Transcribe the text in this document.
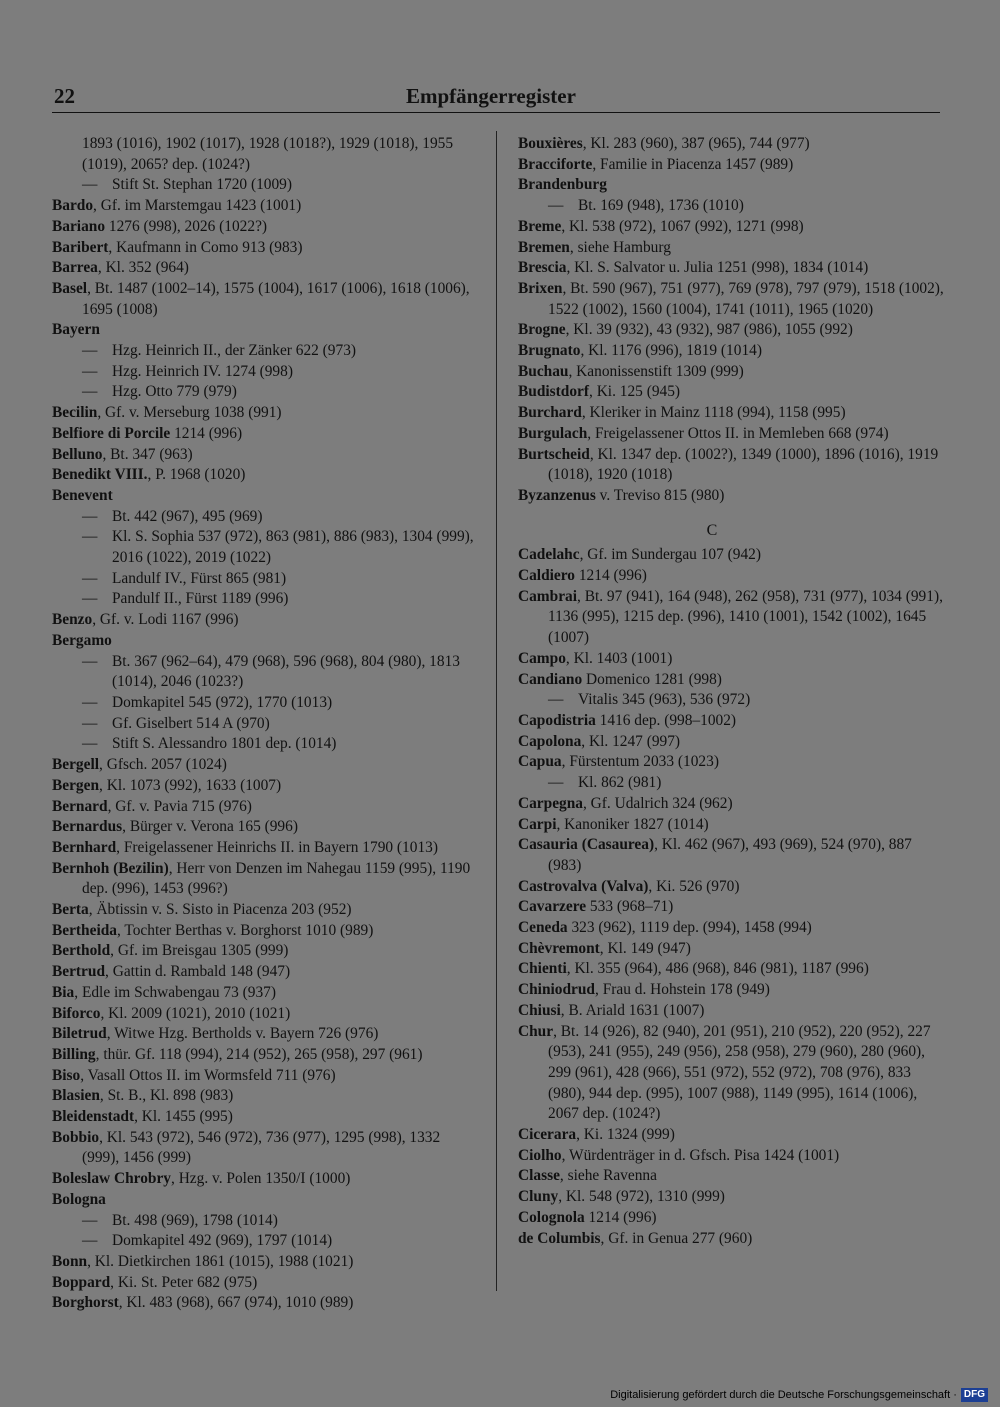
22	Empfängerregister
1893 (1016), 1902 (1017), 1928 (1018?), 1929 (1018), 1955 (1019), 2065? dep. (1024?)
— Stift St. Stephan 1720 (1009)
Bardo, Gf. im Marstemgau 1423 (1001)
Bariano 1276 (998), 2026 (1022?)
Baribert, Kaufmann in Como 913 (983)
Barrea, Kl. 352 (964)
Basel, Bt. 1487 (1002–14), 1575 (1004), 1617 (1006), 1618 (1006), 1695 (1008)
Bayern
— Hzg. Heinrich II., der Zänker 622 (973)
— Hzg. Heinrich IV. 1274 (998)
— Hzg. Otto 779 (979)
Becilin, Gf. v. Merseburg 1038 (991)
Belfiore di Porcile 1214 (996)
Belluno, Bt. 347 (963)
Benedikt VIII., P. 1968 (1020)
Benevent
— Bt. 442 (967), 495 (969)
— Kl. S. Sophia 537 (972), 863 (981), 886 (983), 1304 (999), 2016 (1022), 2019 (1022)
— Landulf IV., Fürst 865 (981)
— Pandulf II., Fürst 1189 (996)
Benzo, Gf. v. Lodi 1167 (996)
Bergamo
— Bt. 367 (962–64), 479 (968), 596 (968), 804 (980), 1813 (1014), 2046 (1023?)
— Domkapitel 545 (972), 1770 (1013)
— Gf. Giselbert 514 A (970)
— Stift S. Alessandro 1801 dep. (1014)
Bergell, Gfsch. 2057 (1024)
Bergen, Kl. 1073 (992), 1633 (1007)
Bernard, Gf. v. Pavia 715 (976)
Bernardus, Bürger v. Verona 165 (996)
Bernhard, Freigelassener Heinrichs II. in Bayern 1790 (1013)
Bernhoh (Bezilin), Herr von Denzen im Nahegau 1159 (995), 1190 dep. (996), 1453 (996?)
Berta, Äbtissin v. S. Sisto in Piacenza 203 (952)
Bertheida, Tochter Berthas v. Borghorst 1010 (989)
Berthold, Gf. im Breisgau 1305 (999)
Bertrud, Gattin d. Rambald 148 (947)
Bia, Edle im Schwabengau 73 (937)
Biforco, Kl. 2009 (1021), 2010 (1021)
Biletrud, Witwe Hzg. Bertholds v. Bayern 726 (976)
Billing, thür. Gf. 118 (994), 214 (952), 265 (958), 297 (961)
Biso, Vasall Ottos II. im Wormsfeld 711 (976)
Blasien, St. B., Kl. 898 (983)
Bleidenstadt, Kl. 1455 (995)
Bobbio, Kl. 543 (972), 546 (972), 736 (977), 1295 (998), 1332 (999), 1456 (999)
Boleslaw Chrobry, Hzg. v. Polen 1350/I (1000)
Bologna
— Bt. 498 (969), 1798 (1014)
— Domkapitel 492 (969), 1797 (1014)
Bonn, Kl. Dietkirchen 1861 (1015), 1988 (1021)
Boppard, Ki. St. Peter 682 (975)
Borghorst, Kl. 483 (968), 667 (974), 1010 (989)
Bouxières, Kl. 283 (960), 387 (965), 744 (977)
Bracciforte, Familie in Piacenza 1457 (989)
Brandenburg
— Bt. 169 (948), 1736 (1010)
Breme, Kl. 538 (972), 1067 (992), 1271 (998)
Bremen, siehe Hamburg
Brescia, Kl. S. Salvator u. Julia 1251 (998), 1834 (1014)
Brixen, Bt. 590 (967), 751 (977), 769 (978), 797 (979), 1518 (1002), 1522 (1002), 1560 (1004), 1741 (1011), 1965 (1020)
Brogne, Kl. 39 (932), 43 (932), 987 (986), 1055 (992)
Brugnato, Kl. 1176 (996), 1819 (1014)
Buchau, Kanonissenstift 1309 (999)
Budistdorf, Ki. 125 (945)
Burchard, Kleriker in Mainz 1118 (994), 1158 (995)
Burgulach, Freigelassener Ottos II. in Memleben 668 (974)
Burtscheid, Kl. 1347 dep. (1002?), 1349 (1000), 1896 (1016), 1919 (1018), 1920 (1018)
Byzanzenus v. Treviso 815 (980)
C
Cadelahc, Gf. im Sundergau 107 (942)
Caldiero 1214 (996)
Cambrai, Bt. 97 (941), 164 (948), 262 (958), 731 (977), 1034 (991), 1136 (995), 1215 dep. (996), 1410 (1001), 1542 (1002), 1645 (1007)
Campo, Kl. 1403 (1001)
Candiano Domenico 1281 (998)
— Vitalis 345 (963), 536 (972)
Capodistria 1416 dep. (998–1002)
Capolona, Kl. 1247 (997)
Capua, Fürstentum 2033 (1023)
— Kl. 862 (981)
Carpegna, Gf. Udalrich 324 (962)
Carpi, Kanoniker 1827 (1014)
Casauria (Casaurea), Kl. 462 (967), 493 (969), 524 (970), 887 (983)
Castrovalva (Valva), Ki. 526 (970)
Cavarzere 533 (968–71)
Ceneda 323 (962), 1119 dep. (994), 1458 (994)
Chèvremont, Kl. 149 (947)
Chienti, Kl. 355 (964), 486 (968), 846 (981), 1187 (996)
Chiniodrud, Frau d. Hohstein 178 (949)
Chiusi, B. Ariald 1631 (1007)
Chur, Bt. 14 (926), 82 (940), 201 (951), 210 (952), 220 (952), 227 (953), 241 (955), 249 (956), 258 (958), 279 (960), 280 (960), 299 (961), 428 (966), 551 (972), 552 (972), 708 (976), 833 (980), 944 dep. (995), 1007 (988), 1149 (995), 1614 (1006), 2067 dep. (1024?)
Cicerara, Ki. 1324 (999)
Ciolho, Würdenträger in d. Gfsch. Pisa 1424 (1001)
Classe, siehe Ravenna
Cluny, Kl. 548 (972), 1310 (999)
Colognola 1214 (996)
de Columbis, Gf. in Genua 277 (960)
Digitalisierung gefördert durch die Deutsche Forschungsgemeinschaft · DFG
